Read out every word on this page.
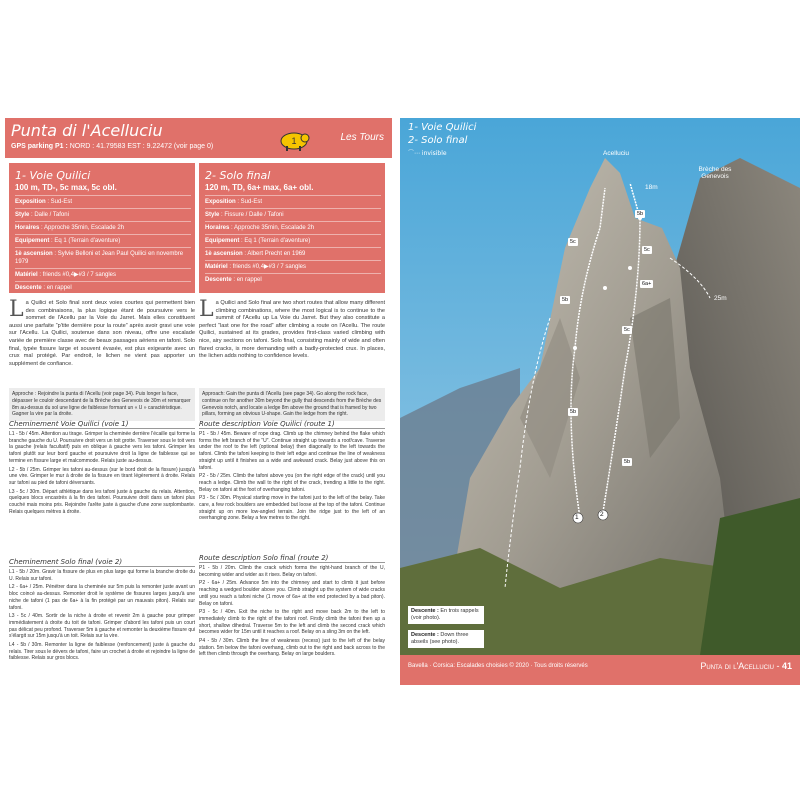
Punta di l'Acelluciu
GPS parking P1 : NORD : 41.79583 EST : 9.22472 (voir page 0)
1	Les Tours
1- Voie Quilici
100 m, TD-, 5c max, 5c obl.
Exposition : Sud-Est
Style : Dalle / Tafoni
Horaires : Approche 35min, Escalade 2h
Equipement : Eq 1 (Terrain d'aventure)
1è ascension : Sylvie Belloni et Jean Paul Quilici en novembre 1979
Matériel : friends #0,4▶#3 / 7 sangles
Descente : en rappel
2- Solo final
120 m, TD, 6a+ max, 6a+ obl.
Exposition : Sud-Est
Style : Fissure / Dalle / Tafoni
Horaires : Approche 35min, Escalade 2h
Equipement : Eq 1 (Terrain d'aventure)
1è ascension : Albert Precht en 1969
Matériel : friends #0,4▶#3 / 7 sangles
Descente : en rappel
La Quilici et Solo final sont deux voies courtes qui permettent bien des combinaisons, la plus logique étant de poursuivre vers le sommet de l'Acellu par la Voie du Jarret. Mais elles constituent aussi une parfaite “p'tite dernière pour la route” après avoir gravi une voie sur l'Acellu. La Quilici, soutenue dans son niveau, offre une escalade variée de première classe avec de beaux passages aériens en tafoni. Solo final, typée fissure large et souvent évasée, est plus exigeante avec un crux mal protégé. Par endroit, le lichen ne vient pas apporter un supplément de confiance.
La Quilici and Solo final are two short routes that allow many different climbing combinations, where the most logical is to continue to the summit of l'Acellu up La Voie du Jarret. But they also constitute a perfect “last one for the road” after climbing a route on l'Acellu. The route Quilici, sustained at its grades, provides first-class varied climbing with nice, airy sections on tafoni. Solo final, consisting mainly of wide and often flared cracks, is more demanding with a badly-protected crux. In places, the lichen adds nothing to confidence levels.
Approche : Rejoindre la punta di l'Acellu (voir page 34). Puis longer la face, dépasser le couloir descendant de la Brèche des Genevois de 30m et remarquer 8m au-dessus du sol une ligne de faiblesse formant un « U » caractéristique. Gagner la vire par la droite.
Approach: Gain the punta di l'Acellu (see page 34). Go along the rock face, continue on for another 30m beyond the gully that descends from the Brèche des Genevois notch, and locate a ledge 8m above the ground that is framed by two pillars, forming an obvious U-shape. Gain the ledge from the right.
Cheminement Voie Quilici (voie 1)
L1 - 5b / 45m. Attention au tirage. Grimper la cheminée derrière l'écaille qui forme la branche gauche du U. Poursuivre droit vers un toit grotte. Traverser sous le toit vers la gauche (relais facultatif) puis en oblique à gauche vers les tafoni. Grimper les tafoni plutôt sur leur bord gauche et poursuivre droit la ligne de faiblesse qui se termine en fissure large et malcommode. Relais juste au-dessus.
L2 - 5b / 25m. Grimper les tafoni au-dessus (sur le bord droit de la fissure) jusqu'à une vire. Grimper le mur à droite de la fissure en tirant légèrement à droite. Relais sur tafoni au pied de tafoni déversants.
L3 - 5c / 30m. Départ athlétique dans les tafoni juste à gauche du relais. Attention, quelques blocs encastrés à la fin des tafoni. Poursuivre droit dans un tafoni plus couché mais moins pris. Rejoindre l'arête juste à gauche d'une zone surplombante. Relais quelques mètres à droite.
Cheminement Solo final (voie 2)
L1 - 5b / 20m. Gravir la fissure de plus en plus large qui forme la branche droite du U. Relais sur tafoni.
L2 - 6a+ / 25m. Pénétrer dans la cheminée sur 5m puis la remonter juste avant un bloc coincé au-dessus. Remonter droit le système de fissures larges jusqu'à une niche de tafoni (1 pas de 6a+ à la fin protégé par un mauvais piton). Relais sur tafoni.
L3 - 5c / 40m. Sortir de la niche à droite et revenir 2m à gauche pour grimper immédiatement à droite du toit de tafoni. Grimper d'abord les tafoni puis un court pas délicat peu profond. Traverser 5m à gauche et remonter la deuxième fissure qui s'élargit sur 15m jusqu'à un toit. Relais sur la vire.
L4 - 5b / 30m. Remonter la ligne de faiblesse (renfoncement) juste à gauche du relais. Tirer sous le dévers de tafoni, faire un crochet à droite et rejoindre la ligne de faiblesse. Relais sur gros blocs.
Route description Voie Quilici (route 1)
P1 - 5b / 45m. Beware of rope drag. Climb up the chimney behind the flake which forms the left branch of the “U”. Continue straight up towards a roof/cave. Traverse under the roof to the left (optional belay) then diagonally to the left towards the tafoni. Climb the tafoni keeping to their left edge and continue the line of weakness straight up until it finishes as a wide and awkward crack. Belay just above this on tafoni.
P2 - 5b / 25m. Climb the tafoni above you (on the right edge of the crack) until you reach a ledge. Climb the wall to the right of the crack, trending a little to the right. Belay on tafoni at the foot of overhanging tafoni.
P3 - 5c / 30m. Physical starting move in the tafoni just to the left of the belay. Take care, a few rock boulders are embedded but loose at the top of the tafoni. Continue straight up on more low-angled terrain. Join the ridge just to the left of an overhanging zone. Belay a few metres to the right.
Route description Solo final (route 2)
P1 - 5b / 20m. Climb the crack which forms the right-hand branch of the U, becoming wider and wider as it rises. Belay on tafoni.
P2 - 6a+ / 25m. Advance 5m into the chimney and start to climb it just before reaching a wedged boulder above you. Climb straight up the system of wide cracks until you reach a tafoni niche (1 move of 6a+ at the end protected by a bad piton). Belay on tafoni.
P3 - 5c / 40m. Exit the niche to the right and move back 2m to the left to immediately climb to the right of the tafoni roof. Firstly climb the tafoni then up a short, shallow dihedral. Traverse 5m to the left and climb the second crack which becomes wider for 15m until it reaches a roof. Belay on a sling 3m on the left.
P4 - 5b / 30m. Climb the line of weakness (recess) just to the left of the belay station. 5m below the tafoni overhang, climb out to the right and back across to the left then climb through the overhang. Belay on large boulders.
1- Voie Quilici
2- Solo final
⌒⋯ invisible	Acelluciu
Brèche des Genevois
18m
25m
5b
5c
5b
5c
6a+
5c
5b
5b
1	2
Descente : En trois rappels (voir photo).
Descente : Down three abseils (see photo).
Bavella · Corsica: Escalades choisies © 2020 · Tous droits réservés	Punta di l'Acelluciu - 41
